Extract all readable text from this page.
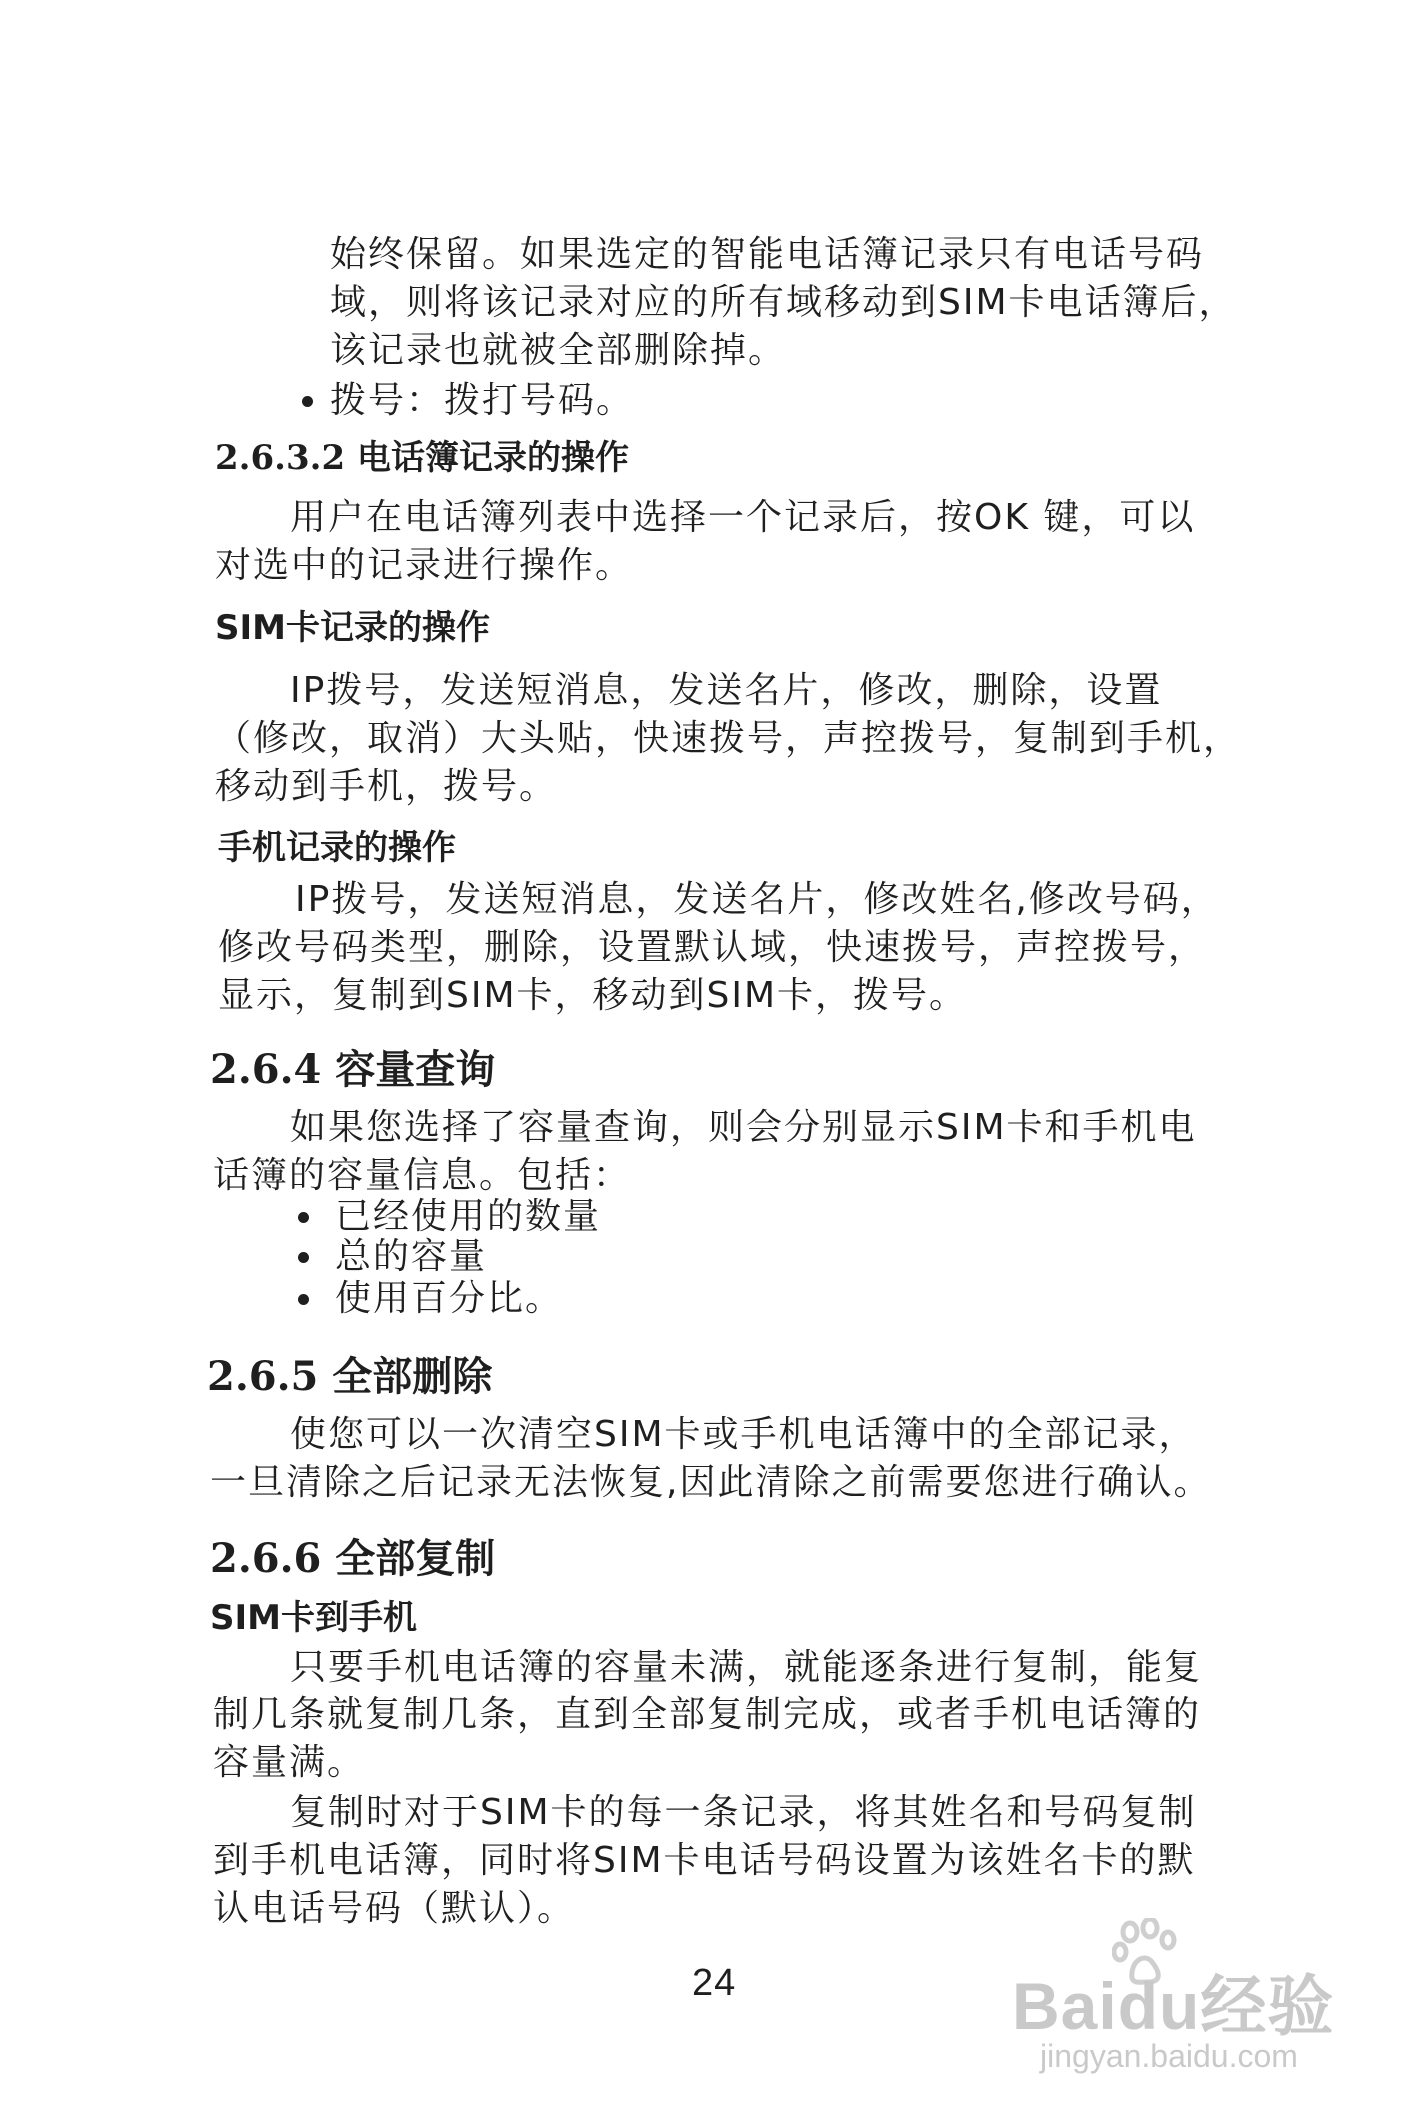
始终保留。如果选定的智能电话簿记录只有电话号码
域，则将该记录对应的所有域移动到SIM卡电话簿后，
该记录也就被全部删除掉。
拨号：拨打号码。
2.6.3.2 电话簿记录的操作
用户在电话簿列表中选择一个记录后，按OK 键，可以
对选中的记录进行操作。
SIM卡记录的操作
IP拨号，发送短消息，发送名片，修改，删除，设置
（修改，取消）大头贴，快速拨号，声控拨号，复制到手机，
移动到手机，拨号。
手机记录的操作
IP拨号，发送短消息，发送名片，修改姓名,修改号码，
修改号码类型，删除，设置默认域，快速拨号，声控拨号，
显示，复制到SIM卡，移动到SIM卡，拨号。
2.6.4 容量查询
如果您选择了容量查询，则会分别显示SIM卡和手机电
话簿的容量信息。包括：
已经使用的数量
总的容量
使用百分比。
2.6.5 全部删除
使您可以一次清空SIM卡或手机电话簿中的全部记录，
一旦清除之后记录无法恢复,因此清除之前需要您进行确认。
2.6.6 全部复制
SIM卡到手机
只要手机电话簿的容量未满，就能逐条进行复制，能复
制几条就复制几条，直到全部复制完成，或者手机电话簿的
容量满。
复制时对于SIM卡的每一条记录，将其姓名和号码复制
到手机电话簿，同时将SIM卡电话号码设置为该姓名卡的默
认电话号码（默认）。
24	Baidu经验
jingyan.baidu.com
